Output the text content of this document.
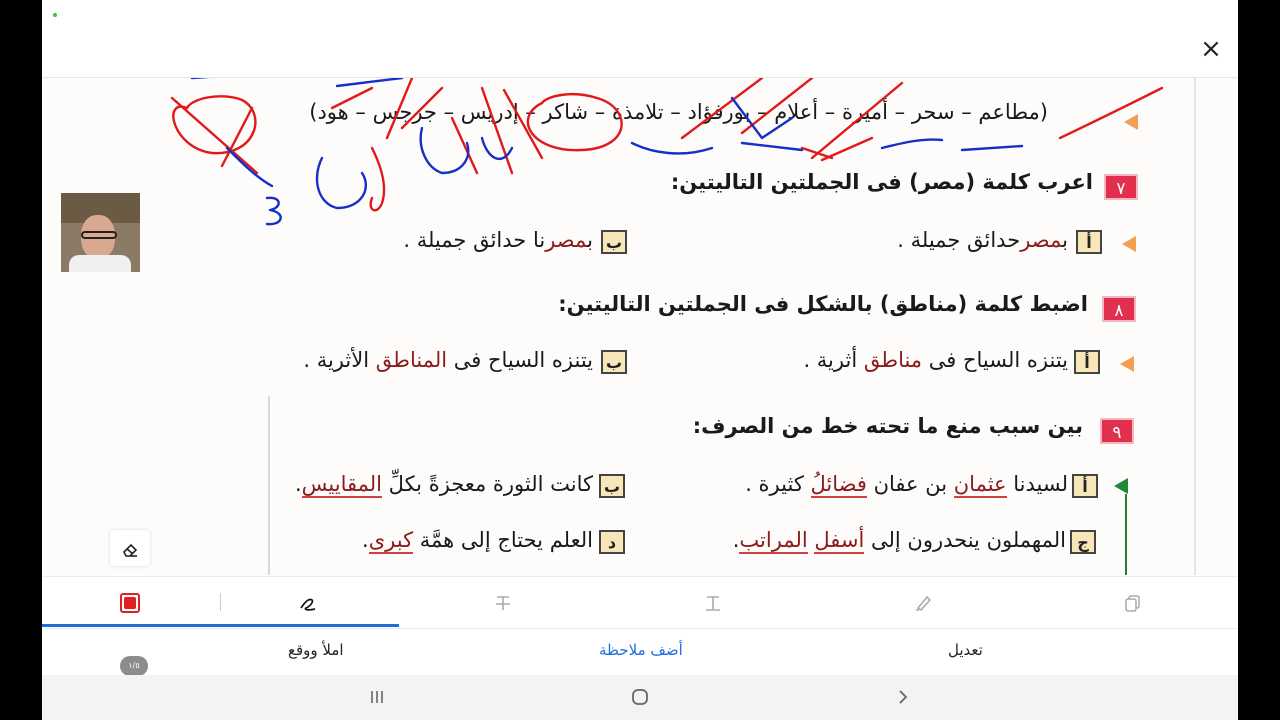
×
(مطاعم – سحر – أميرة – أعلام – بورفؤاد – تلامذة – شاكر – إدريس – جرجس – هود)
٧
اعرب كلمة (مصر) فى الجملتين التاليتين:
أ
بمصرحدائق جميلة .
ب
بمصرنا حدائق جميلة .
٨
اضبط كلمة (مناطق) بالشكل فى الجملتين التاليتين:
أ
يتنزه السياح فى مناطق أثرية .
ب
يتنزه السياح فى المناطق الأثرية .
٩
بين سبب منع ما تحته خط من الصرف:
أ
لسيدنا عثمان بن عفان فضائلُ كثيرة .
ب
كانت الثورة معجزةً بكلِّ المقاييس.
ج
المهملون ينحدرون إلى أسفل المراتب.
د
العلم يحتاج إلى همَّة كبرى.
املأ ووقع	أضف ملاحظة	تعديل
١/٥
